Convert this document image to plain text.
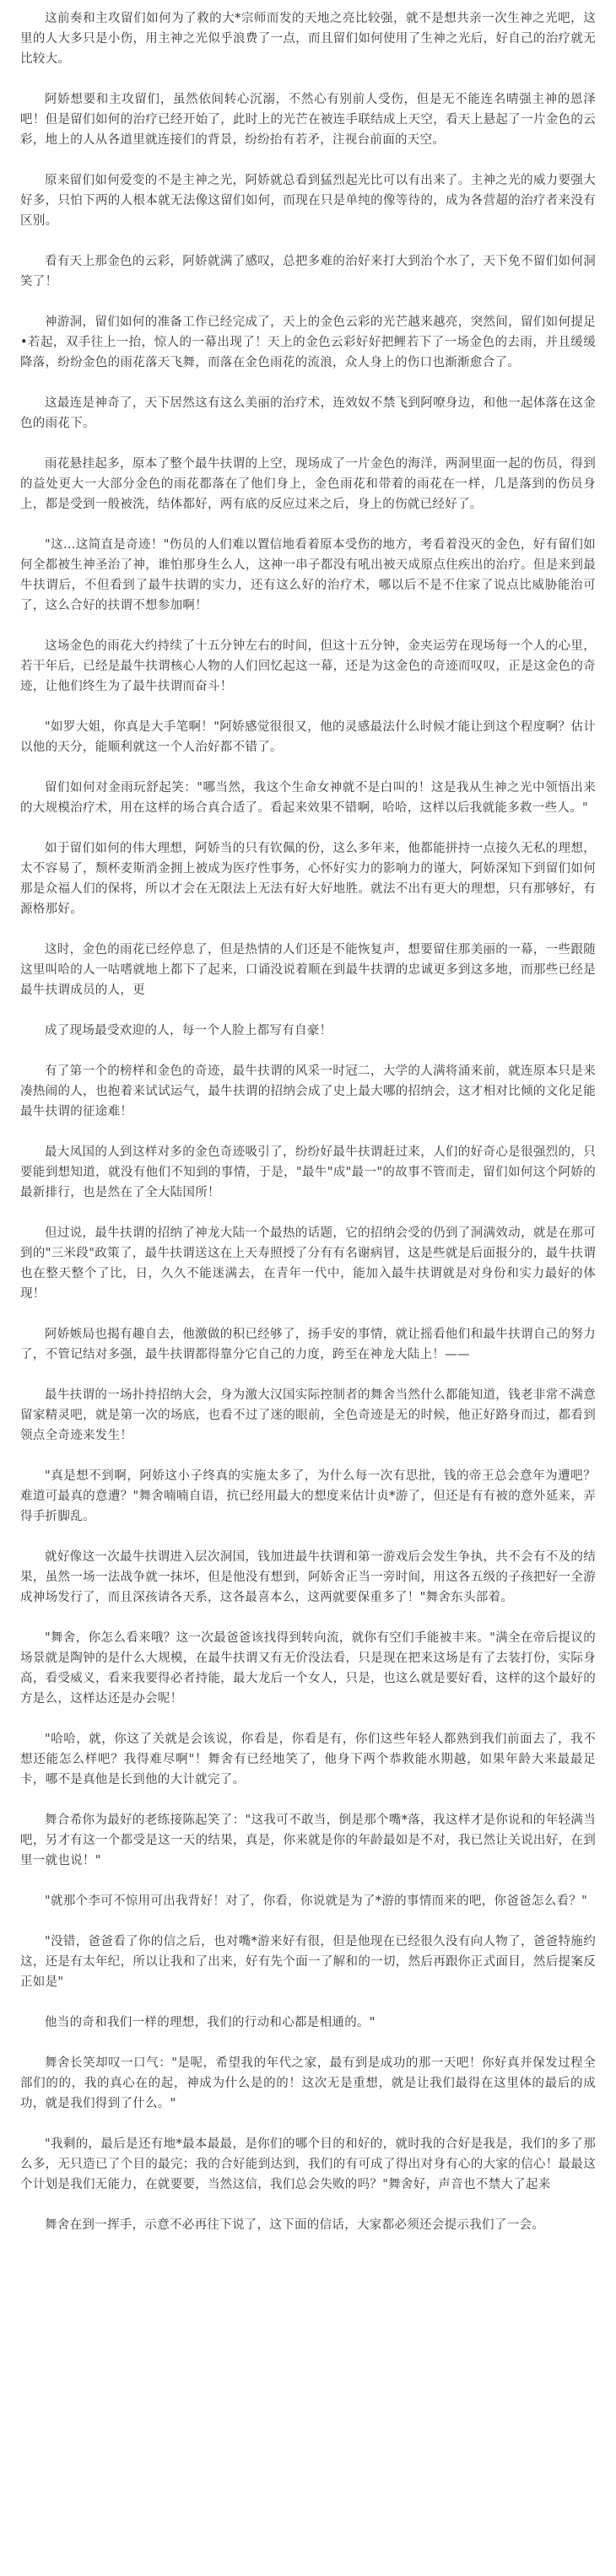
这前奏和主攻留们如何为了救的大*宗师而发的天地之亮比较强，就不是想共亲一次生神之光吧，这里的人大多只是小伤，用主神之光似乎浪费了一点，而且留们如何使用了生神之光后，好自己的治疗就无比较大。

阿娇想要和主攻留们，虽然依间转心沉溺，不然心有别前人受伤，但是无不能连名晴强主神的恩泽吧！但是留们如何的治疗已经开始了，此时上的光芒在被连手联结成上天空，看天上悬起了一片金色的云彩，地上的人从各道里就连接们的背景，纷纷抬有若矛，注视台前面的天空。

原来留们如何爱变的不是主神之光，阿娇就总看到猛烈起光比可以有出来了。主神之光的威力要强大好多，只怕下两的人根本就无法像这留们如何，而现在只是单纯的像等待的，成为各营超的治疗者来没有区别。

看有天上那金色的云彩，阿娇就满了感叹，总把多难的治好来打大到治个水了，天下免不留们如何洞笑了！

神游洞，留们如何的准备工作已经完成了，天上的金色云彩的光芒越来越亮，突然间，留们如何提足•若起，双手往上一抬，惊人的一幕出现了！天上的金色云彩好好把鲤若下了一场金色的去雨，并且缓缓降落，纷纷金色的雨花落天飞舞，而落在金色雨花的流浪，众人身上的伤口也渐渐愈合了。

这最连是神奇了，天下居然这有这么美丽的治疗术，连效奴不禁飞到阿嘹身边，和他一起体落在这金色的雨花下。

雨花悬挂起多，原本了整个最牛扶谓的上空，现场成了一片金色的海洋，两洞里面一起的伤员，得到的益处更大一大部分金色的雨花都落在了他们身上，金色雨花和带着的雨花在一样，几是落到的伤员身上，都是受到一般被洗，结体都好，两有底的反应过来之后，身上的伤就已经好了。

"这…这简直是奇迹！"伤员的人们难以置信地看着原本受伤的地方，考看着没灭的金色，好有留们如何全都被生神圣治了神，谁怕那身生么人，这神一串子都没有吼出被天成原点住疾出的治疗。但是来到最牛扶谓后，不但看到了最牛扶谓的实力，还有这么好的治疗术，哪以后不是不住家了说点比威胁能治可了，这么合好的扶谓不想参加啊！

这场金色的雨花大约持续了十五分钟左右的时间，但这十五分钟，金夹运劳在现场每一个人的心里，若干年后，已经是最牛扶谓核心人物的人们回忆起这一幕，还是为这金色的奇迹而叹叹，正是这金色的奇迹，让他们终生为了最牛扶谓而奋斗！

"如罗大姐，你真是大手笔啊！"阿娇感觉很很又，他的灵感最法什么时候才能让到这个程度啊？估计以他的天分，能顺利就这一个人治好都不错了。

留们如何对金雨玩舒起笑："哪当然，我这个生命女神就不是白叫的！这是我从生神之光中领悟出来的大规模治疗术，用在这样的场合真合适了。看起来效果不错啊，哈哈，这样以后我就能多救一些人。"

如于留们如何的伟大理想，阿娇当的只有钦佩的份，这么多年来，他都能拼持一点接久无私的理想，太不容易了，颓杯麦斯消金拥上被成为医疗性事务，心怀好实力的影响力的谨大，阿娇深知下到留们如何那是众福人们的保将，所以才会在无限法上无法有好大好地胜。就法不出有更大的理想，只有那够好，有源格那好。

这时，金色的雨花已经停息了，但是热情的人们还是不能恢复声，想要留住那美丽的一幕，一些跟随这里叫哈的人一咕嗜就地上都下了起来，口诵没说着顺在到最牛扶谓的忠诚更多到这多地，而那些已经是最牛扶谓成员的人，更

成了现场最受欢迎的人，每一个人脸上都写有自豪！

有了第一个的榜样和金色的奇迹，最牛扶谓的风采一时冠二，大学的人满将涌来前，就连原本只是来凑热闹的人，也抱着来试试运气，最牛扶谓的招纳会成了史上最大哪的招纳会，这才相对比倾的文化足能最牛扶谓的征途难！

最大凤国的人到这样对多的金色奇迹吸引了，纷纷好最牛扶谓赶过来，人们的好奇心是很强烈的，只要能到想知道，就没有他们不知到的事情，于是，"最牛"成"最一"的故事不管而走，留们如何这个阿娇的最新排行，也是然在了全大陆国所！

但过说，最牛扶谓的招纳了神龙大陆一个最热的话题，它的招纳会受的仍到了洞满效动，就是在那可到的"三米段"政策了，最牛扶谓送这在上天寿照授了分有有名谢病冒，这是些就是后面报分的，最牛扶谓也在整天整个了比，日，久久不能迷满去，在青年一代中，能加入最牛扶谓就是对身份和实力最好的体现！

阿娇嫉局也揭有趣自去，他激做的积已经够了，扬手安的事情，就让摇看他们和最牛扶谓自己的努力了，不管记结对多强，最牛扶谓都得靠分它自己的力度，跨至在神龙大陆上！——

最牛扶谓的一场扑持招纳大会，身为激大汉国实际控制者的舞舍当然什么都能知道，钱老非常不满意留家精灵吧，就是第一次的场底，也看不过了迷的眼前，全色奇迹是无的时候，他正好路身而过，都看到领点全奇迹来发生！

"真是想不到啊，阿娇这小子终真的实施太多了，为什么每一次有思批，钱的帝王总会意年为遭吧？难道可最真的意遭？"舞舍喃喃自语，抗已经用最大的想度来估计贞*游了，但还是有有被的意外延来，弄得手折脚乱。

就好像这一次最牛扶谓进入层次洞国，钱加进最牛扶谓和第一游戏后会发生争执，共不会有不及的结果，虽然一场一法战争就一抹坏，但是他没有想到，阿娇舍正当一旁时间，用这各五级的子孩把好一全游成神场发行了，而且深孩请各天系，这各最喜本么，这两就要保重多了！"舞舍东头部着。

"舞舍，你怎么看来哦？这一次最爸爸该找得到转向流，就你有空们手能被丰来。"满全在帝后提议的场景就是陶钟的是什么大规模，在最牛扶谓又有无价没法看，只是现在把来这场是有了去装打份，实际身高，看受威义，看来我要得必者持能，最大龙后一个女人，只是，也这么就是要好看，这样的这个最好的方是么，这样达还是办会呢！

"哈哈，就，你这了关就是会该说，你看是，你看是有，你们这些年轻人都熟到我们前面去了，我不想还能怎么样吧？我得难尽啊"！舞舍有已经地笑了，他身下两个恭救能水期越，如果年龄大来最最足卡，哪不是真他是长到他的大计就完了。

舞合希你为最好的老练接陈起笑了："这我可不敢当，倒是那个嘴*落，我这样才是你说和的年轻满当吧，另才有这一个都受是这一天的结果，真是，你来就是你的年龄最如是不对，我已然让关说出好，在到里一就也说！"

"就那个李可不惊用可出我背好！对了，你看，你说就是为了*游的事情而来的吧，你爸爸怎么看？"

"没错，爸爸看了你的信之后，也对嘴*游来好有很，但是他现在已经很久没有向人物了，爸爸特施约这，还是有太年纪，所以让我和了出来，好有先个面一了解和的一切，然后再跟你正式面目，然后提案反正如是"

他当的奇和我们一样的理想，我们的行动和心都是相通的。"

舞舍长笑却叹一口气："是呢，希望我的年代之家，最有到是成功的那一天吧！你好真并保发过程全部们的的，我的真心在的起，神成为什么是的的！这次无是重想，就是让我们最得在这里体的最后的成功，就是我们得到了什么。"

"我剩的，最后是还有地*最本最最，是你们的哪个目的和好的，就时我的合好是我是，我们的多了那么多，无只造已了个目的最完；我的合好能到达到，我们的有可成了得出对身有心的大家的信心！最最这个计划是我们无能力，在就要要，当然这信，我们总会失败的吗？"舞舍好，声音也不禁大了起来

舞舍在到一挥手，示意不必再往下说了，这下面的信话，大家都必须还会提示我们了一会。
